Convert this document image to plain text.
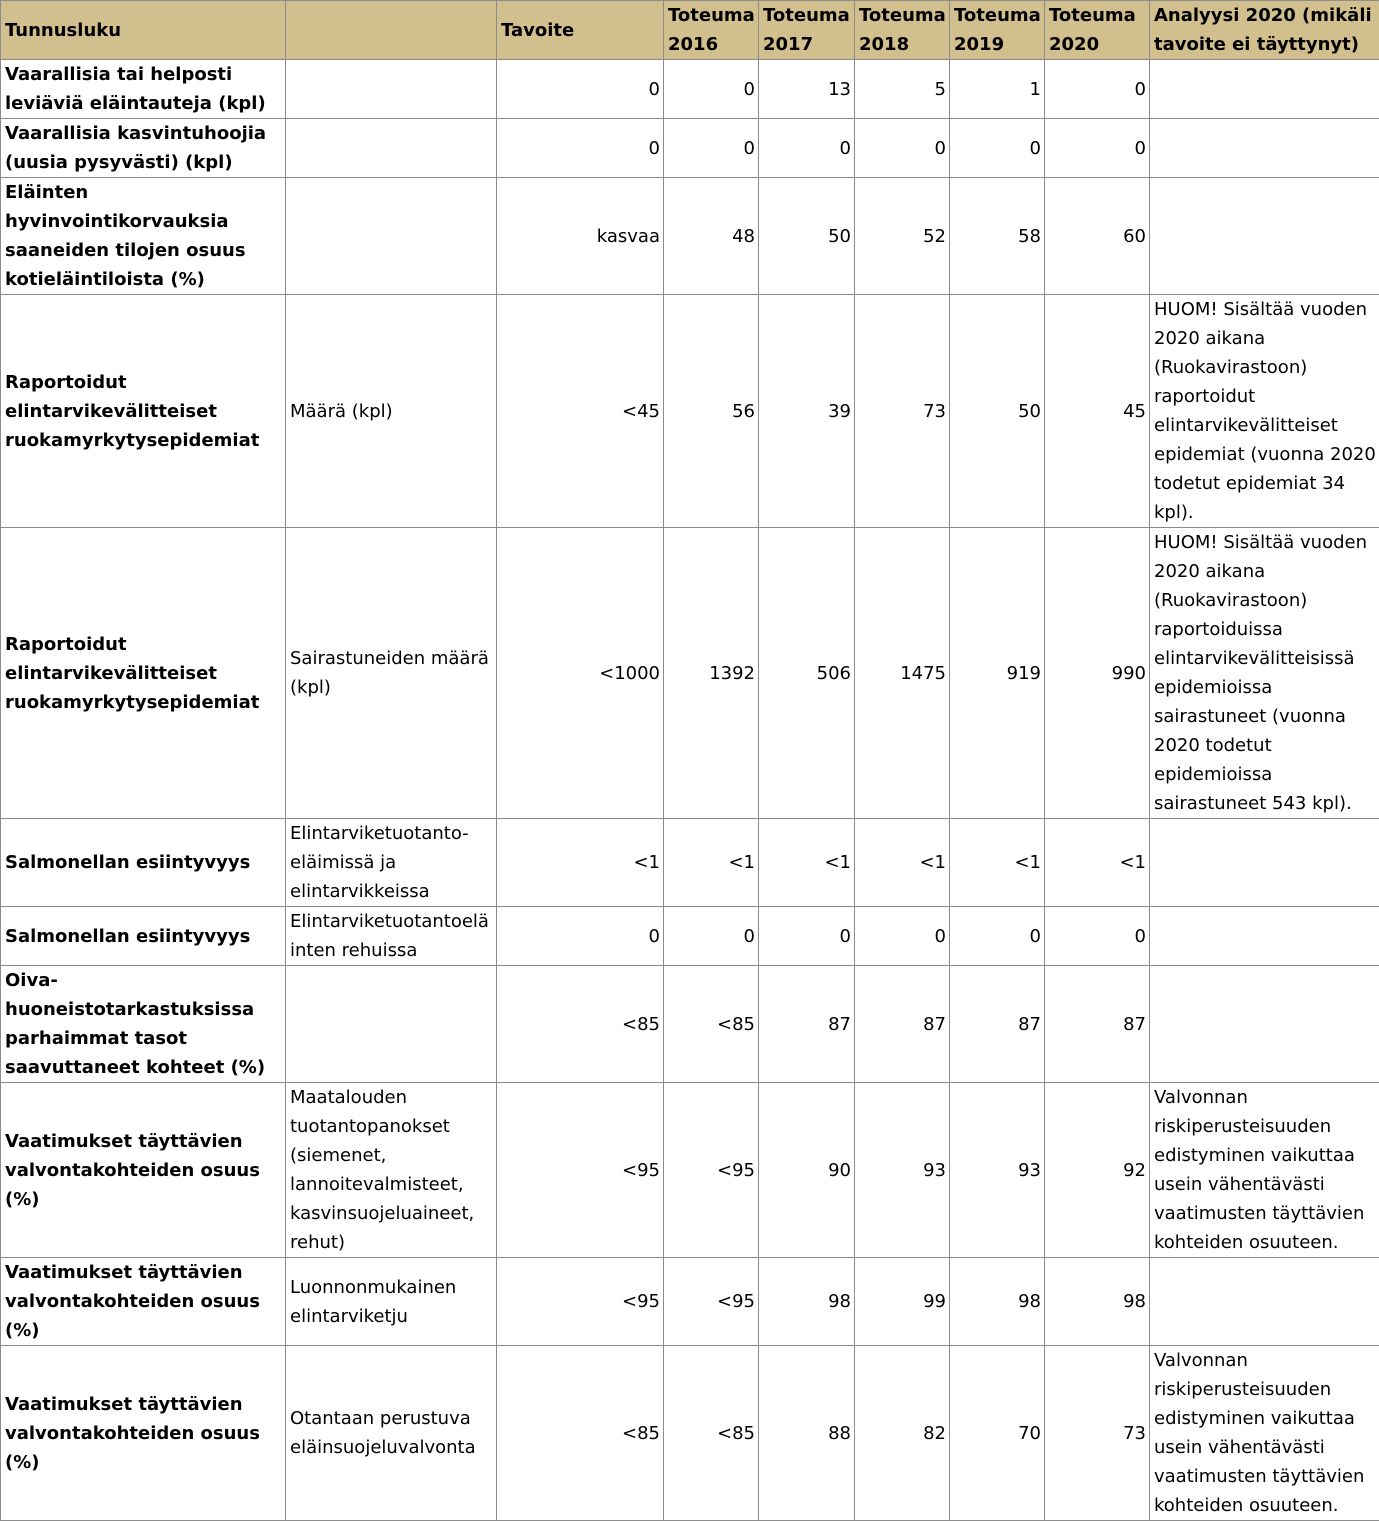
Tunnusluku		Tavoite	Toteuma 2016	Toteuma 2017	Toteuma 2018	Toteuma 2019	Toteuma 2020	Analyysi 2020 (mikäli tavoite ei täyttynyt)
Vaarallisia tai helposti leviäviä eläintauteja (kpl)		0	0	13	5	1	0	
Vaarallisia kasvintuhoojia (uusia pysyvästi) (kpl)		0	0	0	0	0	0	
Eläinten hyvinvointikorvauksia saaneiden tilojen osuus kotieläintiloista (%)		kasvaa	48	50	52	58	60	
Raportoidut elintarvikevälitteiset ruokamyrkytysepidemiat	Määrä (kpl)	<45	56	39	73	50	45	HUOM! Sisältää vuoden 2020 aikana (Ruokavirastoon) raportoidut elintarvikevälitteiset epidemiat (vuonna 2020 todetut epidemiat 34 kpl).
Raportoidut elintarvikevälitteiset ruokamyrkytysepidemiat	Sairastuneiden määrä (kpl)	<1000	1392	506	1475	919	990	HUOM! Sisältää vuoden 2020 aikana (Ruokavirastoon) raportoiduissa elintarvikevälitteisissä epidemioissa sairastuneet (vuonna 2020 todetut epidemioissa sairastuneet 543 kpl).
Salmonellan esiintyvyys	Elintarviketuotanto-eläimissä ja elintarvikkeissa	<1	<1	<1	<1	<1	<1	
Salmonellan esiintyvyys	Elintarviketuotantoeläinten rehuissa	0	0	0	0	0	0	
Oiva-huoneistotarkastuksissa parhaimmat tasot saavuttaneet kohteet (%)		<85	<85	87	87	87	87	
Vaatimukset täyttävien valvontakohteiden osuus (%)	Maatalouden tuotantopanokset (siemenet, lannoitevalmisteet, kasvinsuojeluaineet, rehut)	<95	<95	90	93	93	92	Valvonnan riskiperusteisuuden edistyminen vaikuttaa usein vähentävästi vaatimusten täyttävien kohteiden osuuteen.
Vaatimukset täyttävien valvontakohteiden osuus (%)	Luonnonmukainen elintarviketju	<95	<95	98	99	98	98	
Vaatimukset täyttävien valvontakohteiden osuus (%)	Otantaan perustuva eläinsuojeluvalvonta	<85	<85	88	82	70	73	Valvonnan riskiperusteisuuden edistyminen vaikuttaa usein vähentävästi vaatimusten täyttävien kohteiden osuuteen.
